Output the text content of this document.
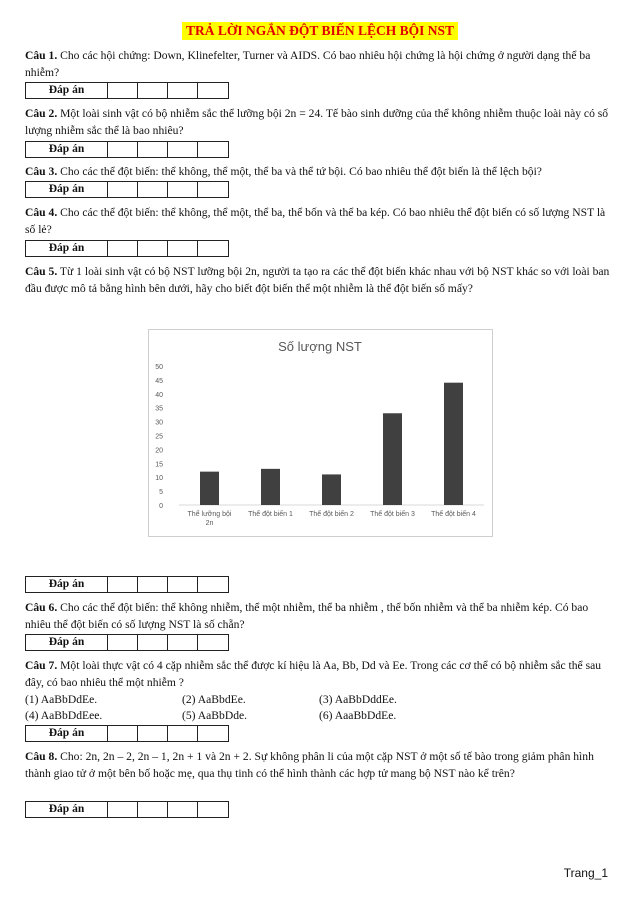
TRẢ LỜI NGẮN ĐỘT BIẾN LỆCH BỘI NST
Câu 1. Cho các hội chứng: Down, Klinefelter, Turner và AIDS. Có bao nhiêu hội chứng là hội chứng ở người dạng thể ba nhiễm?
Đáp án
Câu 2. Một loài sinh vật có bộ nhiễm sắc thể lưỡng bội 2n = 24. Tế bào sinh dưỡng của thể không nhiễm thuộc loài này có số lượng nhiễm sắc thể là bao nhiêu?
Đáp án
Câu 3. Cho các thể đột biến: thể không, thể một, thể ba và thể tứ bội. Có bao nhiêu thể đột biến là thể lệch bội?
Đáp án
Câu 4. Cho các thể đột biến: thể không, thể một, thể ba, thể bốn và thể ba kép. Có bao nhiêu thể đột biến có số lượng NST là số lẻ?
Đáp án
Câu 5. Từ 1 loài sinh vật có bộ NST lưỡng bội 2n, người ta tạo ra các thể đột biến khác nhau với bộ NST khác so với loài ban đầu được mô tả bằng hình bên dưới, hãy cho biết đột biến thể một nhiễm là thể đột biến số mấy?
Số lượng NST
0
5
10
15
20
25
30
35
40
45
50
Thể lưỡng bội 2n
Thể đột biến 1 Thể đột biến 2 Thể đột biến 3 Thể đột biến 4
Đáp án
Câu 6. Cho các thể đột biến: thể không nhiễm, thể một nhiễm, thể ba nhiễm , thể bốn nhiễm và thể ba nhiễm kép. Có bao nhiêu thể đột biến có số lượng NST là số chẵn?
Đáp án
Câu 7. Một loài thực vật có 4 cặp nhiễm sắc thể được kí hiệu là Aa, Bb, Dd và Ee. Trong các cơ thể có bộ nhiễm sắc thể sau đây, có bao nhiêu thể một nhiễm ?
(1) AaBbDdEe.	(2) AaBbdEe.	(3) AaBbDddEe.
(4) AaBbDdEee.	(5) AaBbDde.	(6) AaaBbDdEe.
Đáp án
Câu 8. Cho: 2n, 2n – 2, 2n – 1, 2n + 1 và 2n + 2. Sự không phân li của một cặp NST ở một số tế bào trong giảm phân hình thành giao tử ở một bên bố hoặc mẹ, qua thụ tinh có thể hình thành các hợp tử mang bộ NST nào kể trên?
Đáp án
Trang_1
